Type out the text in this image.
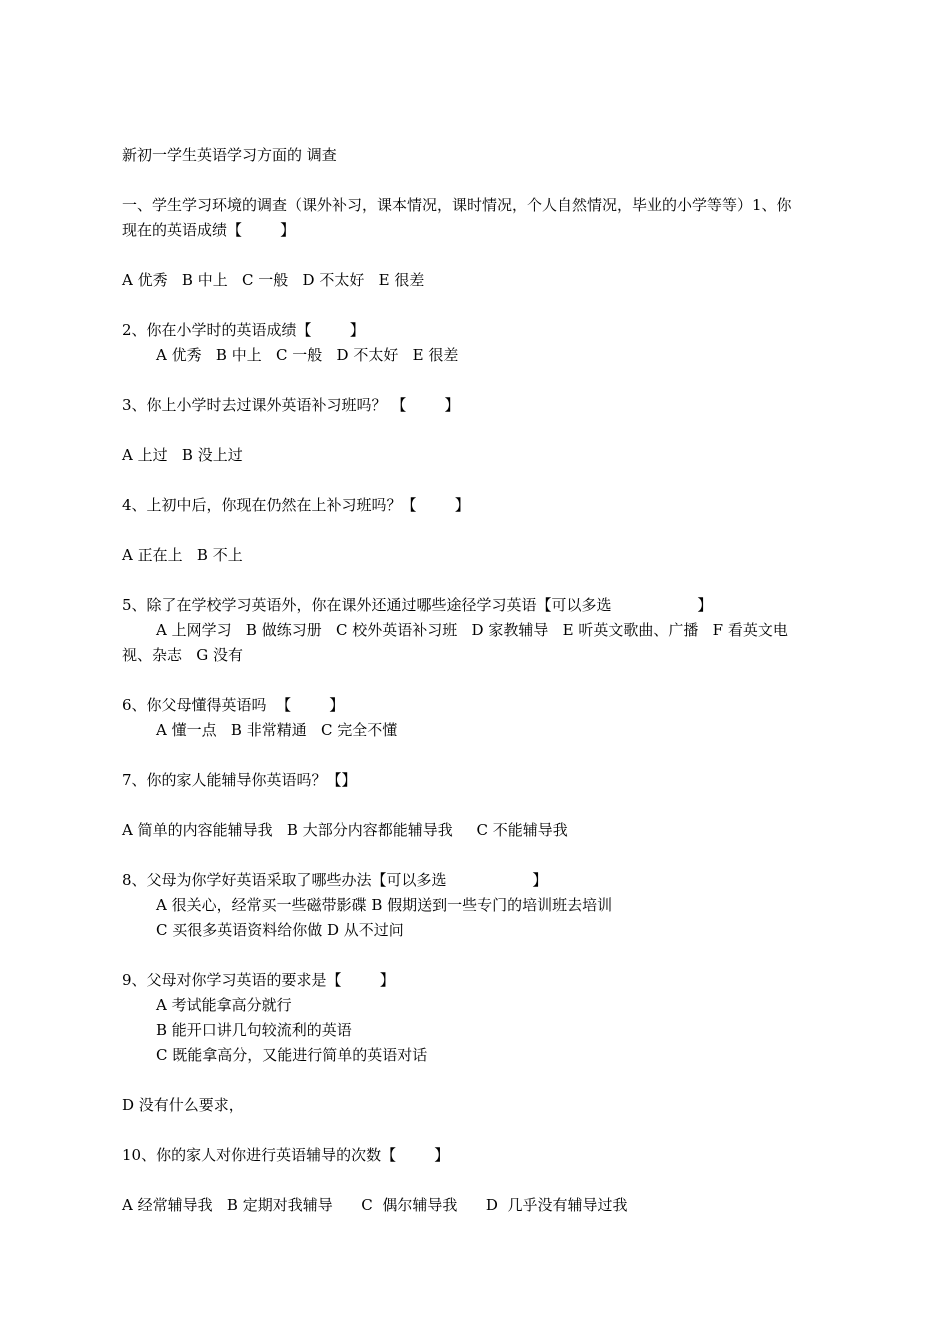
新初一学生英语学习方面的 调查
一、学生学习环境的调查（课外补习，课本情况，课时情况，个人自然情况，毕业的小学等等）1、你
现在的英语成绩【        】
A 优秀   B 中上   C 一般   D 不太好   E 很差
2、你在小学时的英语成绩【        】
A 优秀   B 中上   C 一般   D 不太好   E 很差
3、你上小学时去过课外英语补习班吗？ 【        】
A 上过   B 没上过
4、上初中后，你现在仍然在上补习班吗？【        】
A 正在上   B 不上
5、除了在学校学习英语外，你在课外还通过哪些途径学习英语【可以多选                  】
A 上网学习   B 做练习册   C 校外英语补习班   D 家教辅导   E 听英文歌曲、广播   F 看英文电
视、杂志   G 没有
6、你父母懂得英语吗  【        】
A 懂一点   B 非常精通   C 完全不懂
7、你的家人能辅导你英语吗？【】
A 简单的内容能辅导我   B 大部分内容都能辅导我     C 不能辅导我
8、父母为你学好英语采取了哪些办法【可以多选                  】
A 很关心，经常买一些磁带影碟 B 假期送到一些专门的培训班去培训
C 买很多英语资料给你做 D 从不过问
9、父母对你学习英语的要求是【        】
A 考试能拿高分就行
B 能开口讲几句较流利的英语
C 既能拿高分，又能进行简单的英语对话
D 没有什么要求，
10、你的家人对你进行英语辅导的次数【        】
A 经常辅导我   B 定期对我辅导      C  偶尔辅导我      D  几乎没有辅导过我
